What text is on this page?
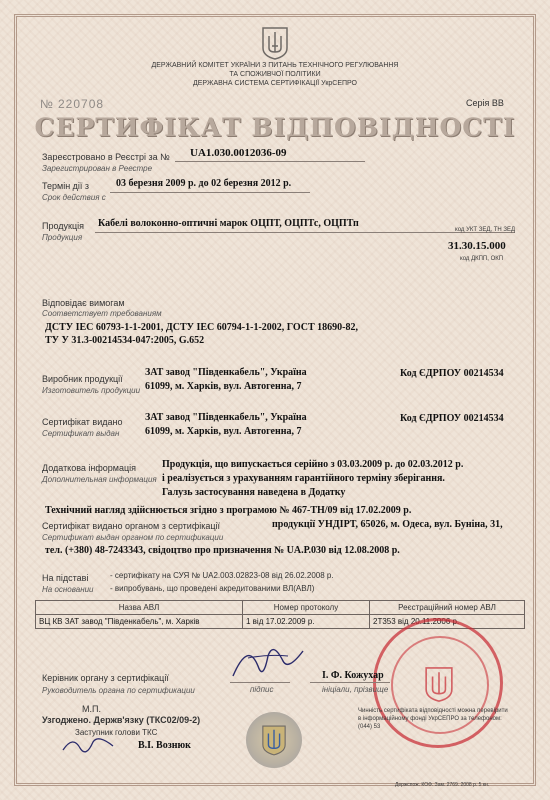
ДЕРЖАВНИЙ КОМІТЕТ УКРАЇНИ З ПИТАНЬ ТЕХНІЧНОГО РЕГУЛЮВАННЯ
ТА СПОЖИВЧОЇ ПОЛІТИКИ
ДЕРЖАВНА СИСТЕМА СЕРТИФІКАЦІЇ УкрСЕПРО
№ 220708	Серія ВВ
СЕРТИФІКАТ ВІДПОВІДНОСТІ
Зареєстровано в Реєстрі за №
Зарегистрирован в Реестре
UA1.030.0012036-09
Термін дії з
Срок действия с
03 березня 2009 р. до 02 березня 2012 р.
Продукція
Продукция
Кабелі волоконно-оптичні марок ОЦПТ, ОЦПТс, ОЦПТп
код УКТ ЗЕД, ТН ЗЕД
31.30.15.000
код ДКПП, ОКП
Відповідає вимогам
Соответствует требованиям
ДСТУ IEC 60793-1-1-2001, ДСТУ IEC 60794-1-1-2002, ГОСТ 18690-82,
ТУ У 31.3-00214534-047:2005, G.652
Виробник продукції
Изготовитель продукции
ЗАТ завод "Південкабель", Україна
61099, м. Харків, вул. Автогенна, 7
Код ЄДРПОУ 00214534
Сертифікат видано
Сертификат выдан
ЗАТ завод "Південкабель", Україна
61099, м. Харків, вул. Автогенна, 7
Код ЄДРПОУ 00214534
Додаткова інформація
Дополнительная информация
Продукція, що випускається серійно з 03.03.2009 р. до 02.03.2012 р.
і реалізується з урахуванням гарантійного терміну зберігання.
Галузь застосування наведена в Додатку
Технічний нагляд здійснюється згідно з програмою № 467-ТН/09 від 17.02.2009 р.
Сертифікат видано органом з сертифікації
Сертификат выдан органом по сертификации
продукції УНДІРТ, 65026, м. Одеса, вул. Буніна, 31,
тел. (+380) 48-7243343, свідоцтво про призначення № UA.Р.030 від 12.08.2008 р.
На підставі
На основании
- сертифікату на СУЯ № UA2.003.02823-08 від 26.02.2008 р.
- випробувань, що проведені акредитованими ВЛ(АВЛ)
Назва АВЛ	Номер протоколу	Реєстраційний номер АВЛ
ВЦ КВ ЗАТ завод "Південкабель", м. Харків	1 від 17.02.2009 р.	2Т353 від 20.11.2006 р.
Керівник органу з сертифікації
Руководитель органа по сертификации	підпис
І. Ф. Кожухар
ініціали, прізвище
М.П.
Узгоджено. Держв'язку (ТКС02/09-2)
Заступник голови ТКС
В.І. Вознюк
Чинність сертифіката відповідності можна перевірити в інформаційному фонді УкрСЕПРО за телефоном: (044) 53
Держспож. КОФ. Зам. 2769. 2008 р. 5 кн.
